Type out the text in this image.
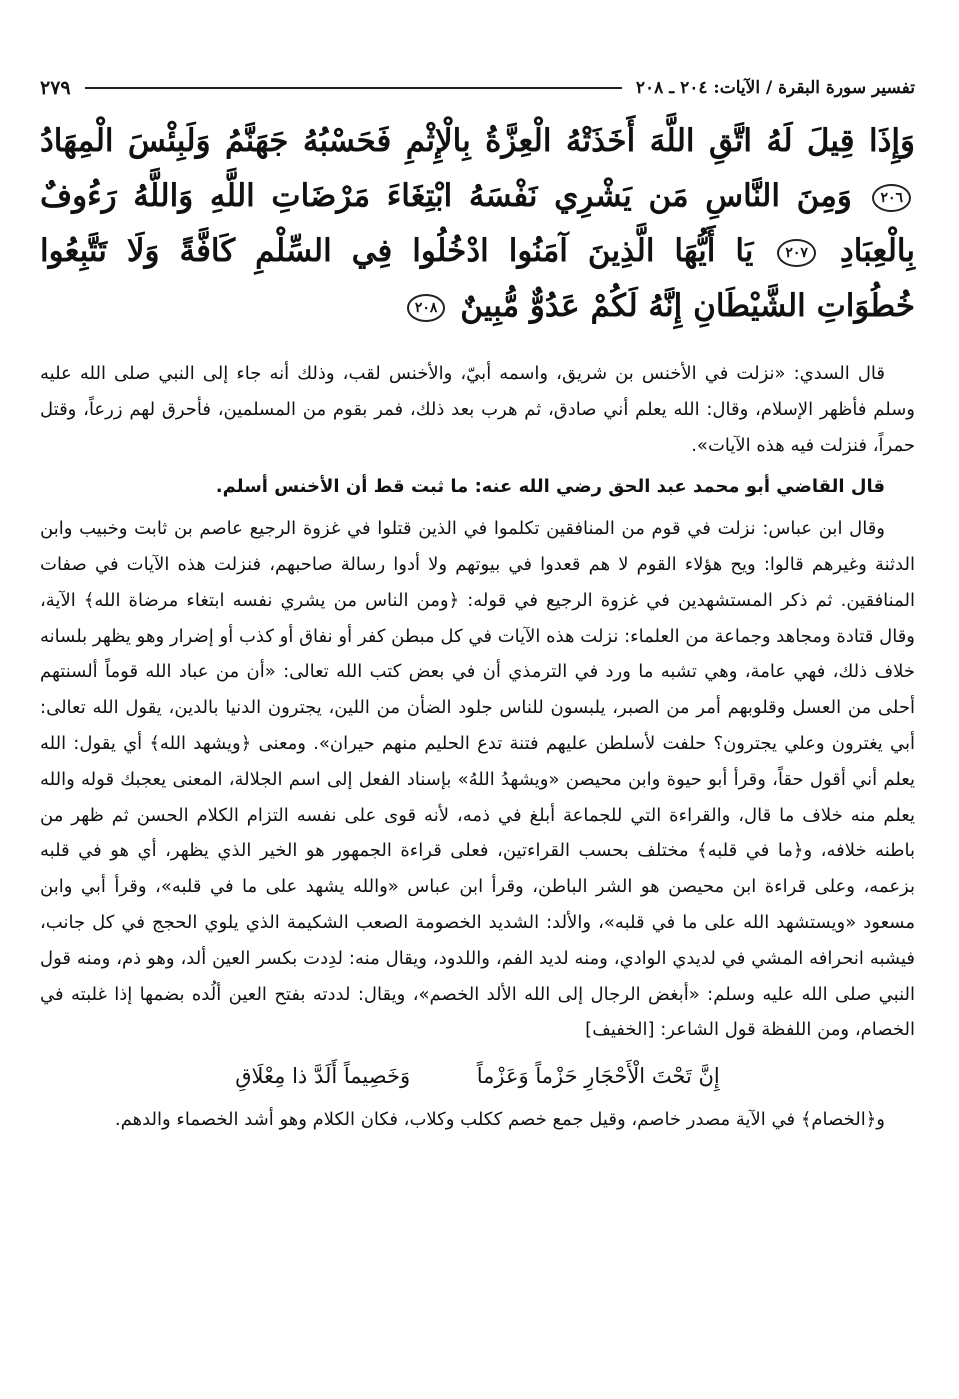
تفسير سورة البقرة / الآيات: ٢٠٤ ـ ٢٠٨
٢٧٩
وَإِذَا قِيلَ لَهُ اتَّقِ اللَّهَ أَخَذَتْهُ الْعِزَّةُ بِالْإِثْمِ فَحَسْبُهُ جَهَنَّمُ وَلَبِئْسَ الْمِهَادُ ٢٠٦ وَمِنَ النَّاسِ مَن يَشْرِي نَفْسَهُ ابْتِغَاءَ مَرْضَاتِ اللَّهِ وَاللَّهُ رَءُوفٌ بِالْعِبَادِ ٢٠٧ يَا أَيُّهَا الَّذِينَ آمَنُوا ادْخُلُوا فِي السِّلْمِ كَافَّةً وَلَا تَتَّبِعُوا خُطُوَاتِ الشَّيْطَانِ إِنَّهُ لَكُمْ عَدُوٌّ مُّبِينٌ ٢٠٨

قال السدي: «نزلت في الأخنس بن شريق، واسمه أبيّ، والأخنس لقب، وذلك أنه جاء إلى النبي صلى الله عليه وسلم فأظهر الإسلام، وقال: الله يعلم أني صادق، ثم هرب بعد ذلك، فمر بقوم من المسلمين، فأحرق لهم زرعاً، وقتل حمراً، فنزلت فيه هذه الآيات».

قال القاضي أبو محمد عبد الحق رضي الله عنه: ما ثبت قط أن الأخنس أسلم.

وقال ابن عباس: نزلت في قوم من المنافقين تكلموا في الذين قتلوا في غزوة الرجيع عاصم بن ثابت وخبيب وابن الدثنة وغيرهم قالوا: ويح هؤلاء القوم لا هم قعدوا في بيوتهم ولا أدوا رسالة صاحبهم، فنزلت هذه الآيات في صفات المنافقين. ثم ذكر المستشهدين في غزوة الرجيع في قوله: ﴿ومن الناس من يشري نفسه ابتغاء مرضاة الله﴾ الآية، وقال قتادة ومجاهد وجماعة من العلماء: نزلت هذه الآيات في كل مبطن كفر أو نفاق أو كذب أو إضرار وهو يظهر بلسانه خلاف ذلك، فهي عامة، وهي تشبه ما ورد في الترمذي أن في بعض كتب الله تعالى: «أن من عباد الله قوماً ألسنتهم أحلى من العسل وقلوبهم أمر من الصبر، يلبسون للناس جلود الضأن من اللين، يجترون الدنيا بالدين، يقول الله تعالى: أبي يغترون وعلي يجترون؟ حلفت لأسلطن عليهم فتنة تدع الحليم منهم حيران». ومعنى ﴿ويشهد الله﴾ أي يقول: الله يعلم أني أقول حقاً، وقرأ أبو حيوة وابن محيصن «ويشهدُ اللهُ» بإسناد الفعل إلى اسم الجلالة، المعنى يعجبك قوله والله يعلم منه خلاف ما قال، والقراءة التي للجماعة أبلغ في ذمه، لأنه قوى على نفسه التزام الكلام الحسن ثم ظهر من باطنه خلافه، و﴿ما في قلبه﴾ مختلف بحسب القراءتين، فعلى قراءة الجمهور هو الخير الذي يظهر، أي هو في قلبه بزعمه، وعلى قراءة ابن محيصن هو الشر الباطن، وقرأ ابن عباس «والله يشهد على ما في قلبه»، وقرأ أبي وابن مسعود «ويستشهد الله على ما في قلبه»، والألد: الشديد الخصومة الصعب الشكيمة الذي يلوي الحجج في كل جانب، فيشبه انحرافه المشي في لديدي الوادي، ومنه لديد الفم، واللدود، ويقال منه: لدِدت بكسر العين ألد، وهو ذم، ومنه قول النبي صلى الله عليه وسلم: «أبغض الرجال إلى الله الألد الخصم»، ويقال: لددته بفتح العين ألُده بضمها إذا غلبته في الخصام، ومن اللفظة قول الشاعر: [الخفيف]

إِنَّ تَحْتَ الْأَحْجَارِ حَزْماً وَعَزْماً وَخَصِيماً أَلَدَّ ذا مِعْلَاقِ

و﴿الخصام﴾ في الآية مصدر خاصم، وقيل جمع خصم ككلب وكلاب، فكان الكلام وهو أشد الخصماء والدهم.
